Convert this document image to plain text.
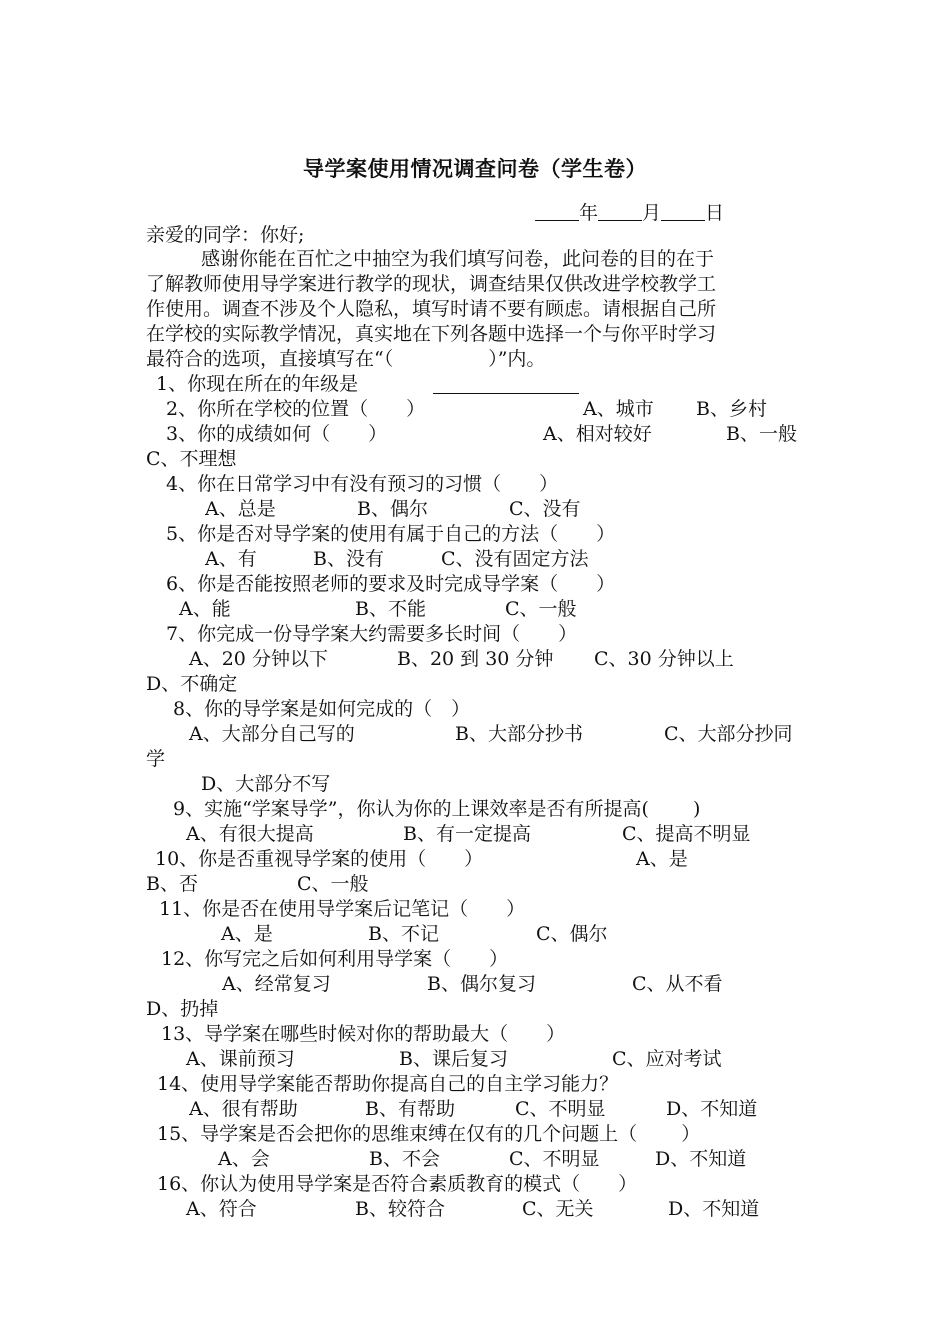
导学案使用情况调查问卷（学生卷）
年 月 日
亲爱的同学：你好;
感谢你能在百忙之中抽空为我们填写问卷，此问卷的目的在于
了解教师使用导学案进行教学的现状，调查结果仅供改进学校教学工
作使用。调查不涉及个人隐私，填写时请不要有顾虑。请根据自己所
在学校的实际教学情况，真实地在下列各题中选择一个与你平时学习
最符合的选项，直接填写在“（　　　　　）”内。
1、你现在所在的年级是
2、你所在学校的位置（　　）	A、城市 B、乡村
3、你的成绩如何（　　）	A、相对较好	B、一般
C、不理想
4、你在日常学习中有没有预习的习惯（　　）
A、总是	B、偶尔	C、没有
5、你是否对导学案的使用有属于自己的方法（　　）
A、有	B、没有	C、没有固定方法
6、你是否能按照老师的要求及时完成导学案（　　）
A、能	B、不能	C、一般
7、你完成一份导学案大约需要多长时间（　　）
A、20 分钟以下	B、20 到 30 分钟 C、30 分钟以上
D、不确定
8、你的导学案是如何完成的（　）
A、大部分自己写的	B、大部分抄书	C、大部分抄同
学
D、大部分不写
9、实施“学案导学”，你认为你的上课效率是否有所提高(　　 )
A、有很大提高	B、有一定提高	C、提高不明显
10、你是否重视导学案的使用（　　）	A、是
B、否	C、一般
11、你是否在使用导学案后记笔记（　　）
A、是	B、不记	C、偶尔
12、你写完之后如何利用导学案（　　）
A、经常复习	B、偶尔复习	C、从不看
D、扔掉
13、导学案在哪些时候对你的帮助最大（　　）
A、课前预习	B、课后复习	C、应对考试
14、使用导学案能否帮助你提高自己的自主学习能力？
A、很有帮助	B、有帮助	C、不明显	D、不知道
15、导学案是否会把你的思维束缚在仅有的几个问题上（　　 ）
A、会	B、不会	C、不明显	D、不知道
16、你认为使用导学案是否符合素质教育的模式（　　）
A、符合	B、较符合	C、无关	D、不知道
